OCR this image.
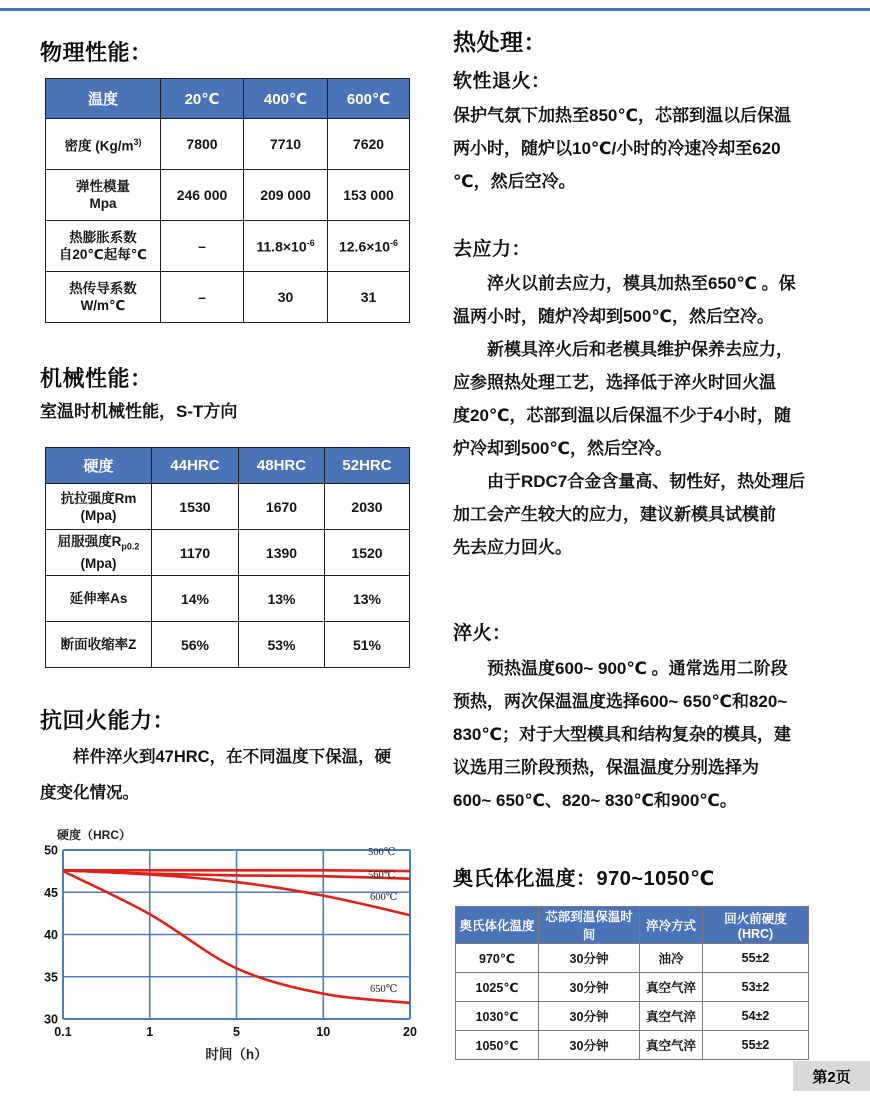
物理性能：
温度	20℃	400℃	600℃
密度 ($Kg/m^{3)}$	7800	7710	7620
弹性模量
Mpa	246 000	209 000	153 000
热膨胀系数
自20℃起每℃	–	$11.8\times 10^{-6}$	$12.6\times 10^{-6}$
热传导系数
W/m℃	–	30	31
机械性能：
室温时机械性能，S-T方向
硬度	44HRC	48HRC	52HRC
抗拉强度Rm
(Mpa)	1530	1670	2030
屈服强度$R_{p0.2}$
(Mpa)	1170	1390	1520
延伸率As	14%	13%	13%
断面收缩率Z	56%	53%	51%
抗回火能力：
样件淬火到47HRC，在不同温度下保温，硬
度变化情况。
50
45
40
35
30
0.1	1	5	10	20
硬度（HRC）
时间（h）
500℃
560℃
600℃
650℃
热处理：
软性退火：
保护气氛下加热至850℃，芯部到温以后保温
两小时，随炉以10℃/小时的冷速冷却至620
℃，然后空冷。
去应力：
淬火以前去应力，模具加热至650℃ 。保
温两小时，随炉冷却到500℃，然后空冷。
新模具淬火后和老模具维护保养去应力，
应参照热处理工艺，选择低于淬火时回火温
度20℃，芯部到温以后保温不少于4小时，随
炉冷却到500℃，然后空冷。
由于RDC7合金含量高、韧性好，热处理后
加工会产生较大的应力，建议新模具试模前
先去应力回火。
淬火：
预热温度600~ 900℃ 。通常选用二阶段
预热，两次保温温度选择600~ 650℃和820~
830℃；对于大型模具和结构复杂的模具，建
议选用三阶段预热，保温温度分别选择为
600~ 650℃、820~ 830℃和900℃。
奥氏体化温度：970~1050℃
奥氏体化温度	芯部到温保温时间	淬冷方式	回火前硬度 (HRC)
970℃	30分钟	油冷	55±2
1025℃	30分钟	真空气淬	53±2
1030℃	30分钟	真空气淬	54±2
1050℃	30分钟	真空气淬	55±2
第2页
